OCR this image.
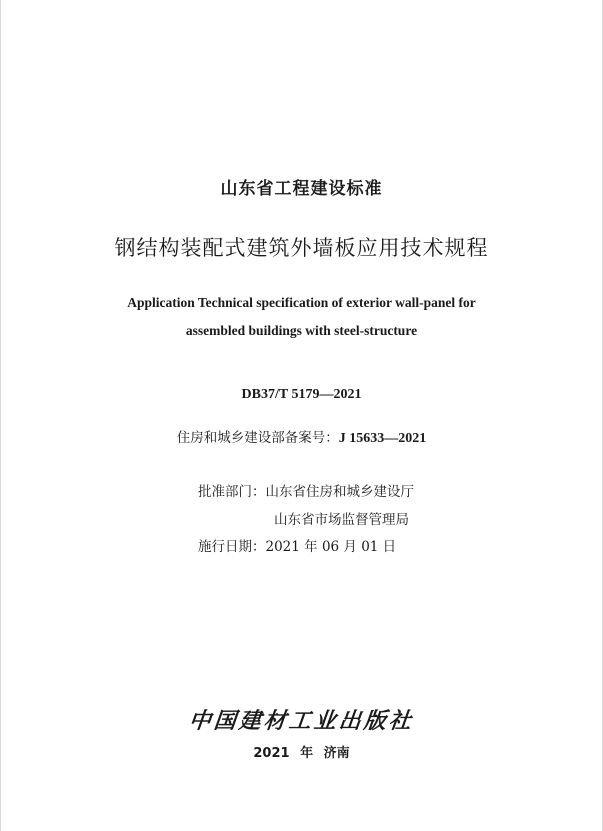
山东省工程建设标准
钢结构装配式建筑外墙板应用技术规程
Application Technical specification of exterior wall-panel for
assembled buildings with steel-structure
DB37/T 5179—2021
住房和城乡建设部备案号：J 15633—2021
批准部门：山东省住房和城乡建设厅
山东省市场监督管理局
施行日期：2021 年 06 月 01 日
中国建材工业出版社
2021 年 济南
